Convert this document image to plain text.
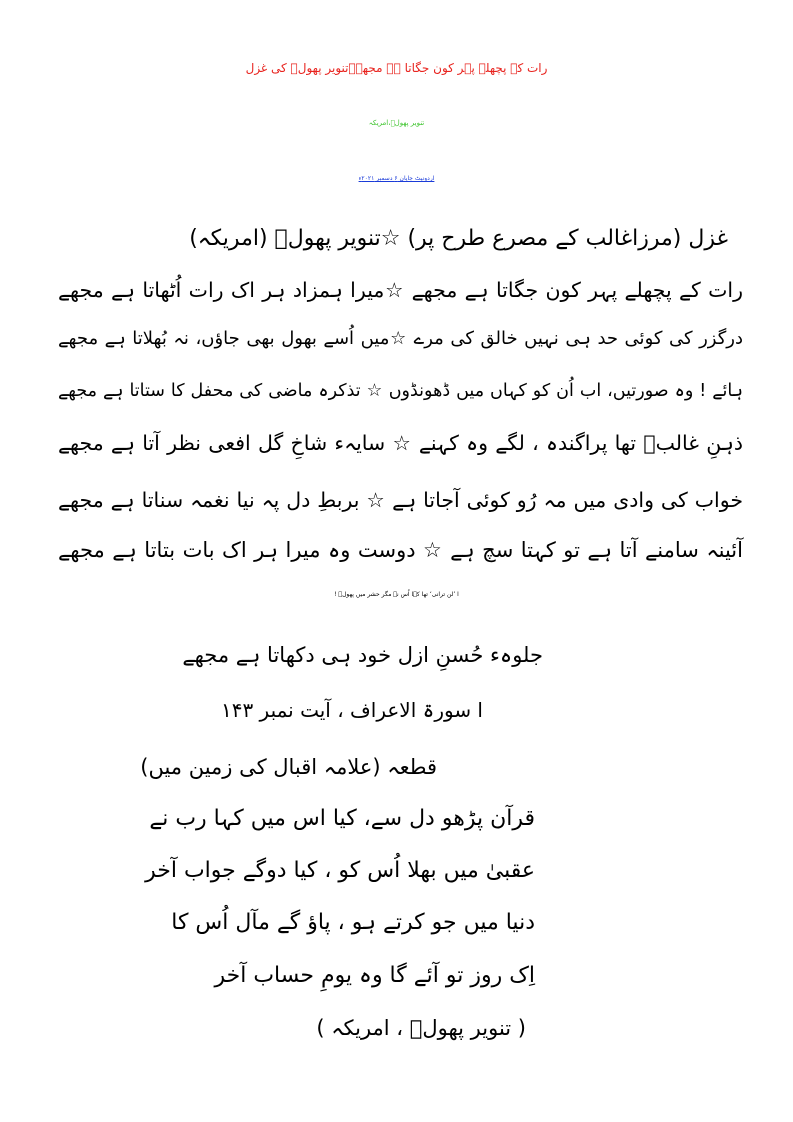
رات کے پچھلے پہر کون جگاتا ہے مجھے۔تنویر پھولؔ کی غزل
تنویر پھولؔ،امریکہ
اردونیٹ جاپان ۶ دسمبر ۲۰۲۱ء
غزل (مرزاغالب کے مصرع طرح پر) ☆تنویر پھولؔ (امریکہ)
رات کے پچھلے پہر کون جگاتا ہے مجھے ☆میرا ہمزاد ہر اک رات اُٹھاتا ہے مجھے
درگزر کی کوئی حد ہی نہیں خالق کی مرے ☆میں اُسے بھول بھی جاؤں، نہ بُھلاتا ہے مجھے
ہائے ! وہ صورتیں، اب اُن کو کہاں میں ڈھونڈوں ☆ تذکرہ ماضی کی محفل کا ستاتا ہے مجھے
ذہنِ غالبؔ تھا پراگندہ ، لگے وہ کہنے ☆ سایہء شاخِ گل افعی نظر آتا ہے مجھے
خواب کی وادی میں مہ رُو کوئی آجاتا ہے ☆ بربطِ دل پہ نیا نغمہ سناتا ہے مجھے
آئینہ سامنے آتا ہے تو کہتا سچ ہے ☆ دوست وہ میرا ہر اک بات بتاتا ہے مجھے
ا ’لن ترانی‘ تھا کہا اُس نے مگر حشر میں پھولؔ !
جلوہء حُسنِ ازل خود ہی دکھاتا ہے مجھے
ا سورۃ الاعراف ، آیت نمبر ۱۴۳
قطعہ (علامہ اقبال کی زمین میں)
قرآن پڑھو دل سے، کیا اس میں کہا رب نے
عقبیٰ میں بھلا اُس کو ، کیا دوگے جواب آخر
دنیا میں جو کرتے ہو ، پاؤ گے مآل اُس کا
اِک روز تو آئے گا وہ یومِ حساب آخر
( تنویر پھولؔ ، امریکہ )
